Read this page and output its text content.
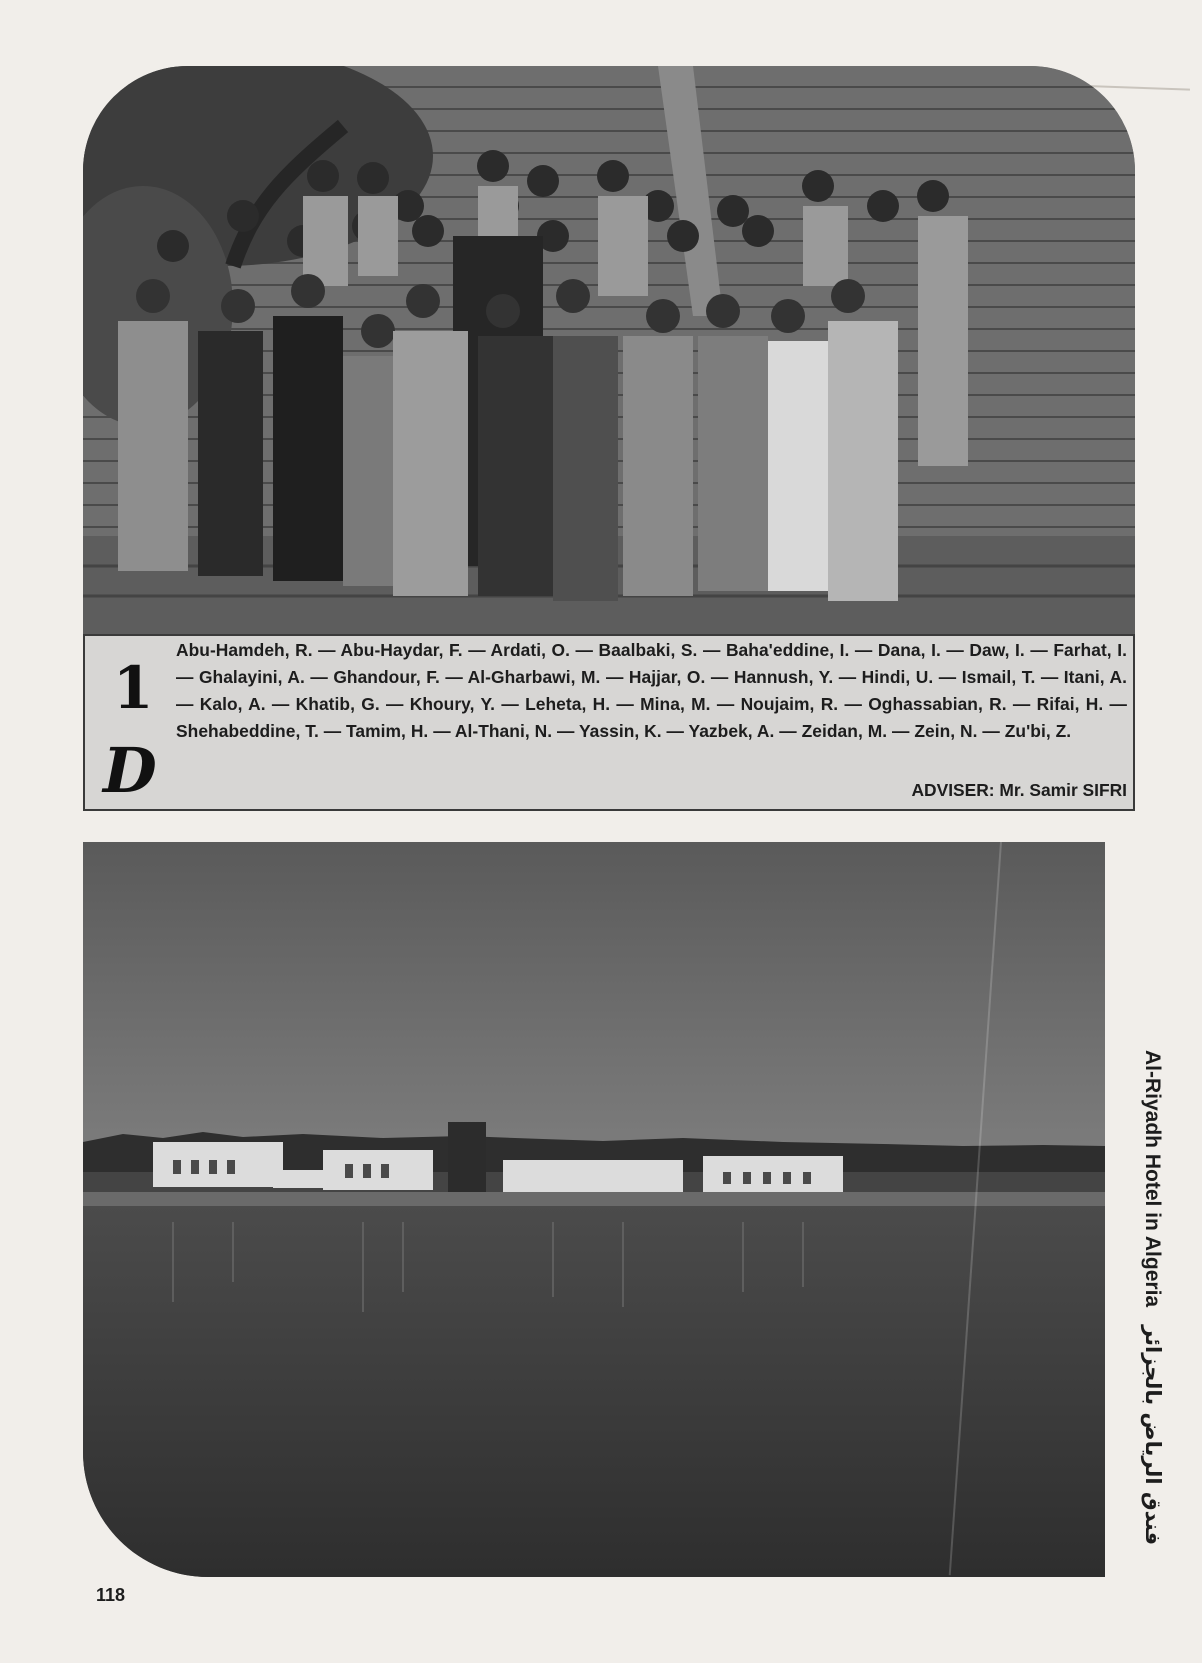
1
D
Abu-Hamdeh, R. — Abu-Haydar, F. — Ardati, O. — Baalbaki, S. — Baha'eddine, I. — Dana, I. — Daw, I. — Farhat, I. — Ghalayini, A. — Ghandour, F. — Al-Gharbawi, M. — Hajjar, O. — Hannush, Y. — Hindi, U. — Ismail, T. — Itani, A. — Kalo, A. — Khatib, G. — Khoury, Y. — Leheta, H. — Mina, M. — Noujaim, R. — Oghassabian, R. — Rifai, H. — Shehabeddine, T. — Tamim, H. — Al-Thani, N. — Yassin, K. — Yazbek, A. — Zeidan, M. — Zein, N. — Zu'bi, Z.
ADVISER: Mr. Samir SIFRI
Al-Riyadh Hotel in Algeriaفندق الرياض بالجزائر
118
